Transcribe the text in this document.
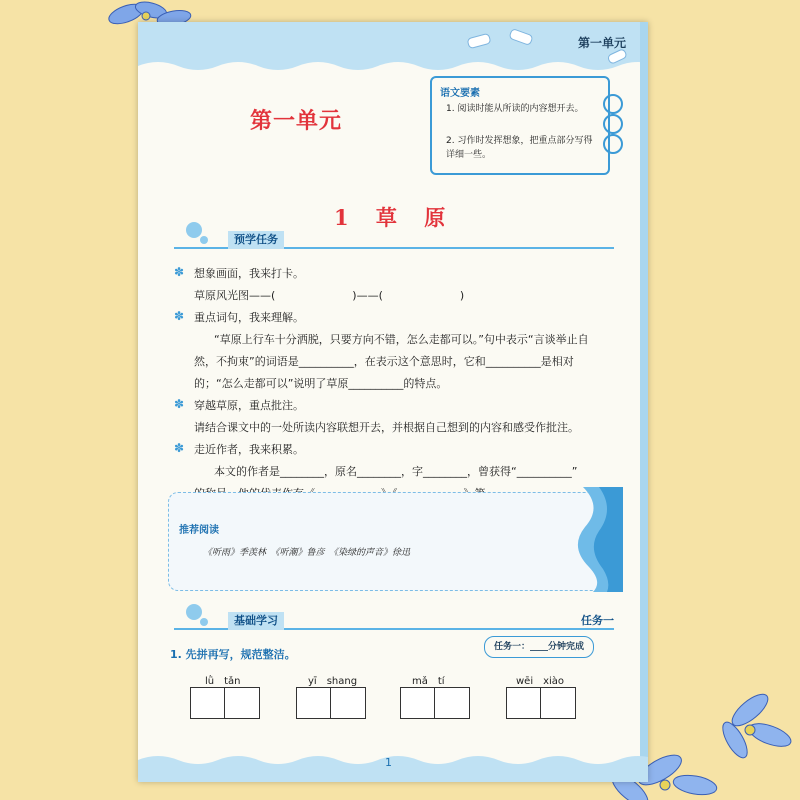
第一单元
第一单元
语文要素
1. 阅读时能从所读的内容想开去。
2. 习作时发挥想象，把重点部分写得详细一些。
1 草 原
预学任务
✽ 想象画面，我来打卡。
草原风光图——(　　　　　　　)——(　　　　　　　)
✽ 重点词句，我来理解。
　　“草原上行车十分洒脱，只要方向不错，怎么走都可以。”句中表示“言谈举止自
然，不拘束”的词语是__________，在表示这个意思时，它和__________是相对
的；“怎么走都可以”说明了草原__________的特点。
✽ 穿越草原，重点批注。
请结合课文中的一处所读内容联想开去，并根据自己想到的内容和感受作批注。
✽ 走近作者，我来积累。
　　本文的作者是________，原名________，字________，曾获得“__________”
推荐阅读
《听雨》季羡林　《听潮》鲁彦　《染绿的声音》徐迅
基础学习	任务一
1. 先拼再写，规范整洁。
任务一：____分钟完成
lǜ　tǎn	yī　shang	mǎ　tí	wēi　xiào
1
